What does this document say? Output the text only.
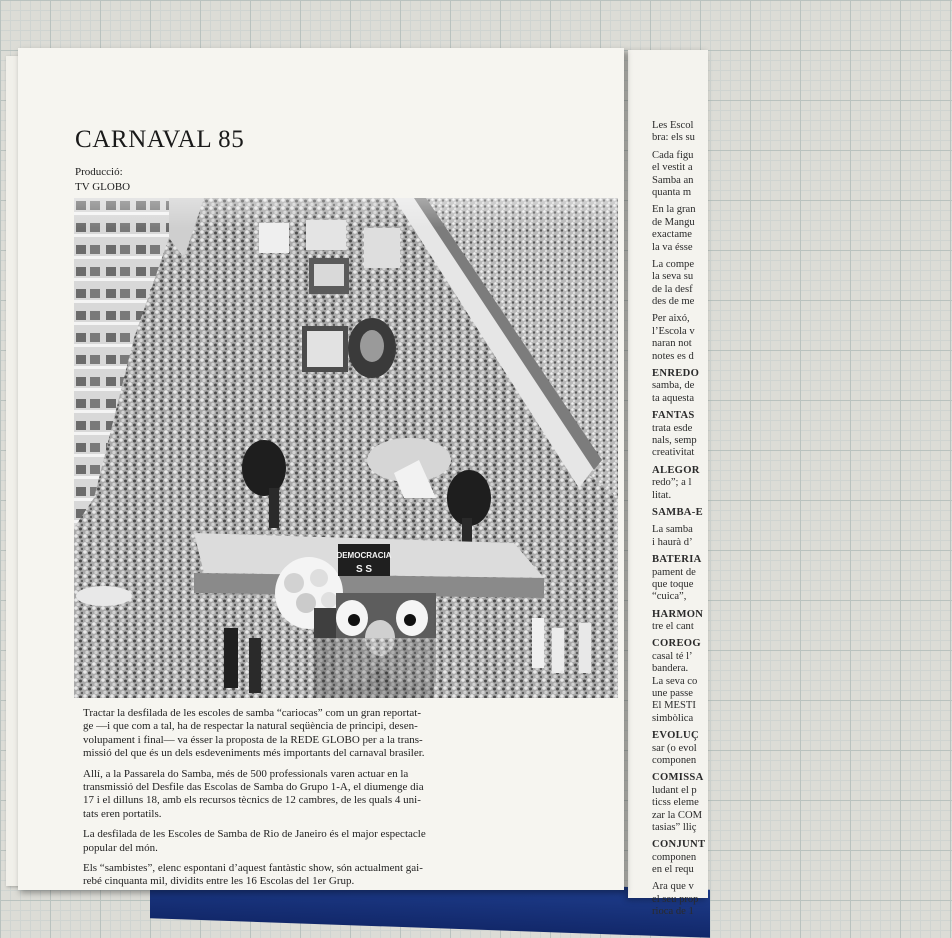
Les Escol
bra: els su
Cada figu
el vestit a
Samba an
quanta m
En la gran
de Mangu
exactame
la va ésse
La compe
la seva su
de la desf
des de me
Per aixó,
l’Escola v
naran not
notes es d
ENREDO
samba, de
ta aquesta
FANTAS
trata esde
nals, semp
creativitat
ALEGOR
redo”; a l
litat.
SAMBA-E
La samba
i haurà d’
BATERIA
pament de
que toque
“cuica”,
HARMON
tre el cant
COREOG
casal té l’
bandera.
La seva co
une passe
El MESTI
simbòlica
EVOLUÇ
sar (o evol
componen
COMISSA
ludant el p
ticss eleme
zar la COM
tasias” lliç
CONJUNT
componen
en el requ
Ara que v
el seu prop
rioca de 1
CARNAVAL 85
Producció:
TV GLOBO
DEMOCRACIA
S S

Tractar la desfilada de les escoles de samba “cariocas” com un gran reportat-
ge —i que com a tal, ha de respectar la natural seqüència de principi, desen-
volupament i final— va ésser la proposta de la REDE GLOBO per a la trans-
missió del que és un dels esdeveniments més importants del carnaval brasiler.

Allí, a la Passarela do Samba, més de 500 professionals varen actuar en la
transmissió del Desfile das Escolas de Samba do Grupo 1-A, el diumenge dia
17 i el dilluns 18, amb els recursos tècnics de 12 cambres, de les quals 4 uni-
tats eren portatils.

La desfilada de les Escoles de Samba de Rio de Janeiro és el major espectacle
popular del món.

Els “sambistes”, elenc espontani d’aquest fantàstic show, són actualment gai-
rebé cinquanta mil, dividits entre les 16 Escolas del 1er Grup.
